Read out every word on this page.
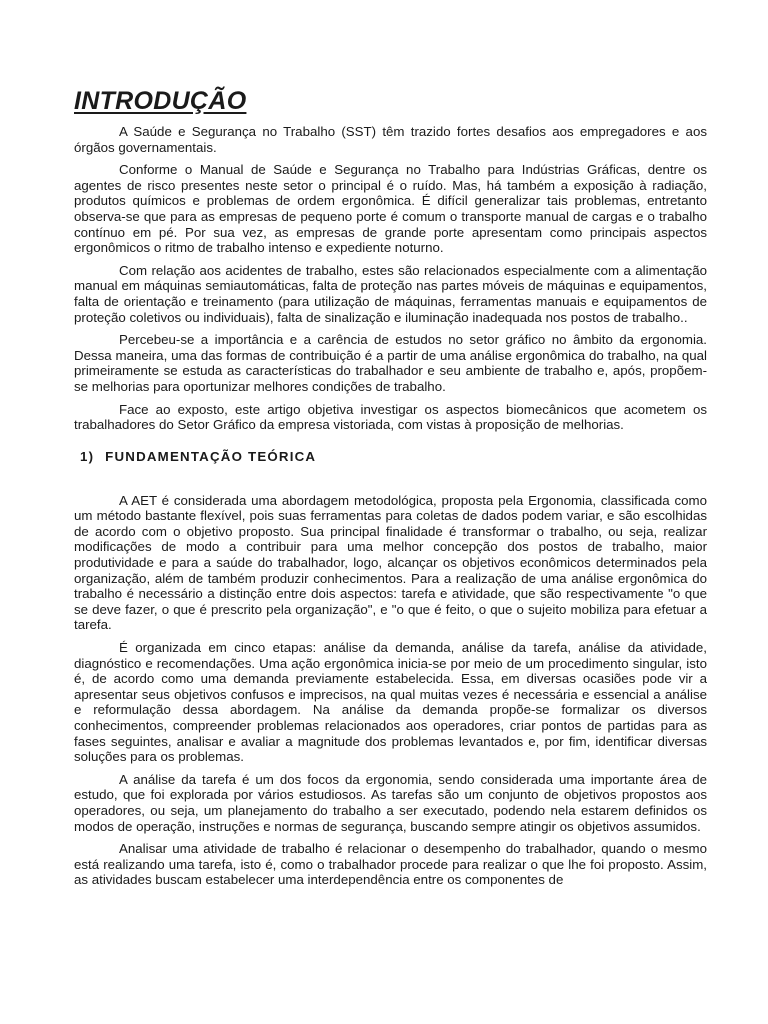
INTRODUÇÃO

A Saúde e Segurança no Trabalho (SST) têm trazido fortes desafios aos empregadores e aos órgãos governamentais.

Conforme o Manual de Saúde e Segurança no Trabalho para Indústrias Gráficas, dentre os agentes de risco presentes neste setor o principal é o ruído. Mas, há também a exposição à radiação, produtos químicos e problemas de ordem ergonômica. É difícil generalizar tais problemas, entretanto observa-se que para as empresas de pequeno porte é comum o transporte manual de cargas e o trabalho contínuo em pé. Por sua vez, as empresas de grande porte apresentam como principais aspectos ergonômicos o ritmo de trabalho intenso e expediente noturno.

Com relação aos acidentes de trabalho, estes são relacionados especialmente com a alimentação manual em máquinas semiautomáticas, falta de proteção nas partes móveis de máquinas e equipamentos, falta de orientação e treinamento (para utilização de máquinas, ferramentas manuais e equipamentos de proteção coletivos ou individuais), falta de sinalização e iluminação inadequada nos postos de trabalho..

Percebeu-se a importância e a carência de estudos no setor gráfico no âmbito da ergonomia. Dessa maneira, uma das formas de contribuição é a partir de uma análise ergonômica do trabalho, na qual primeiramente se estuda as características do trabalhador e seu ambiente de trabalho e, após, propõem-se melhorias para oportunizar melhores condições de trabalho.

Face ao exposto, este artigo objetiva investigar os aspectos biomecânicos que acometem os trabalhadores do Setor Gráfico da empresa vistoriada, com vistas à proposição de melhorias.

1) FUNDAMENTAÇÃO TEÓRICA

A AET é considerada uma abordagem metodológica, proposta pela Ergonomia, classificada como um método bastante flexível, pois suas ferramentas para coletas de dados podem variar, e são escolhidas de acordo com o objetivo proposto. Sua principal finalidade é transformar o trabalho, ou seja, realizar modificações de modo a contribuir para uma melhor concepção dos postos de trabalho, maior produtividade e para a saúde do trabalhador, logo, alcançar os objetivos econômicos determinados pela organização, além de também produzir conhecimentos. Para a realização de uma análise ergonômica do trabalho é necessário a distinção entre dois aspectos: tarefa e atividade, que são respectivamente "o que se deve fazer, o que é prescrito pela organização", e "o que é feito, o que o sujeito mobiliza para efetuar a tarefa.

É organizada em cinco etapas: análise da demanda, análise da tarefa, análise da atividade, diagnóstico e recomendações. Uma ação ergonômica inicia-se por meio de um procedimento singular, isto é, de acordo como uma demanda previamente estabelecida. Essa, em diversas ocasiões pode vir a apresentar seus objetivos confusos e imprecisos, na qual muitas vezes é necessária e essencial a análise e reformulação dessa abordagem. Na análise da demanda propõe-se formalizar os diversos conhecimentos, compreender problemas relacionados aos operadores, criar pontos de partidas para as fases seguintes, analisar e avaliar a magnitude dos problemas levantados e, por fim, identificar diversas soluções para os problemas.

A análise da tarefa é um dos focos da ergonomia, sendo considerada uma importante área de estudo, que foi explorada por vários estudiosos. As tarefas são um conjunto de objetivos propostos aos operadores, ou seja, um planejamento do trabalho a ser executado, podendo nela estarem definidos os modos de operação, instruções e normas de segurança, buscando sempre atingir os objetivos assumidos.

Analisar uma atividade de trabalho é relacionar o desempenho do trabalhador, quando o mesmo está realizando uma tarefa, isto é, como o trabalhador procede para realizar o que lhe foi proposto. Assim, as atividades buscam estabelecer uma interdependência entre os componentes de
